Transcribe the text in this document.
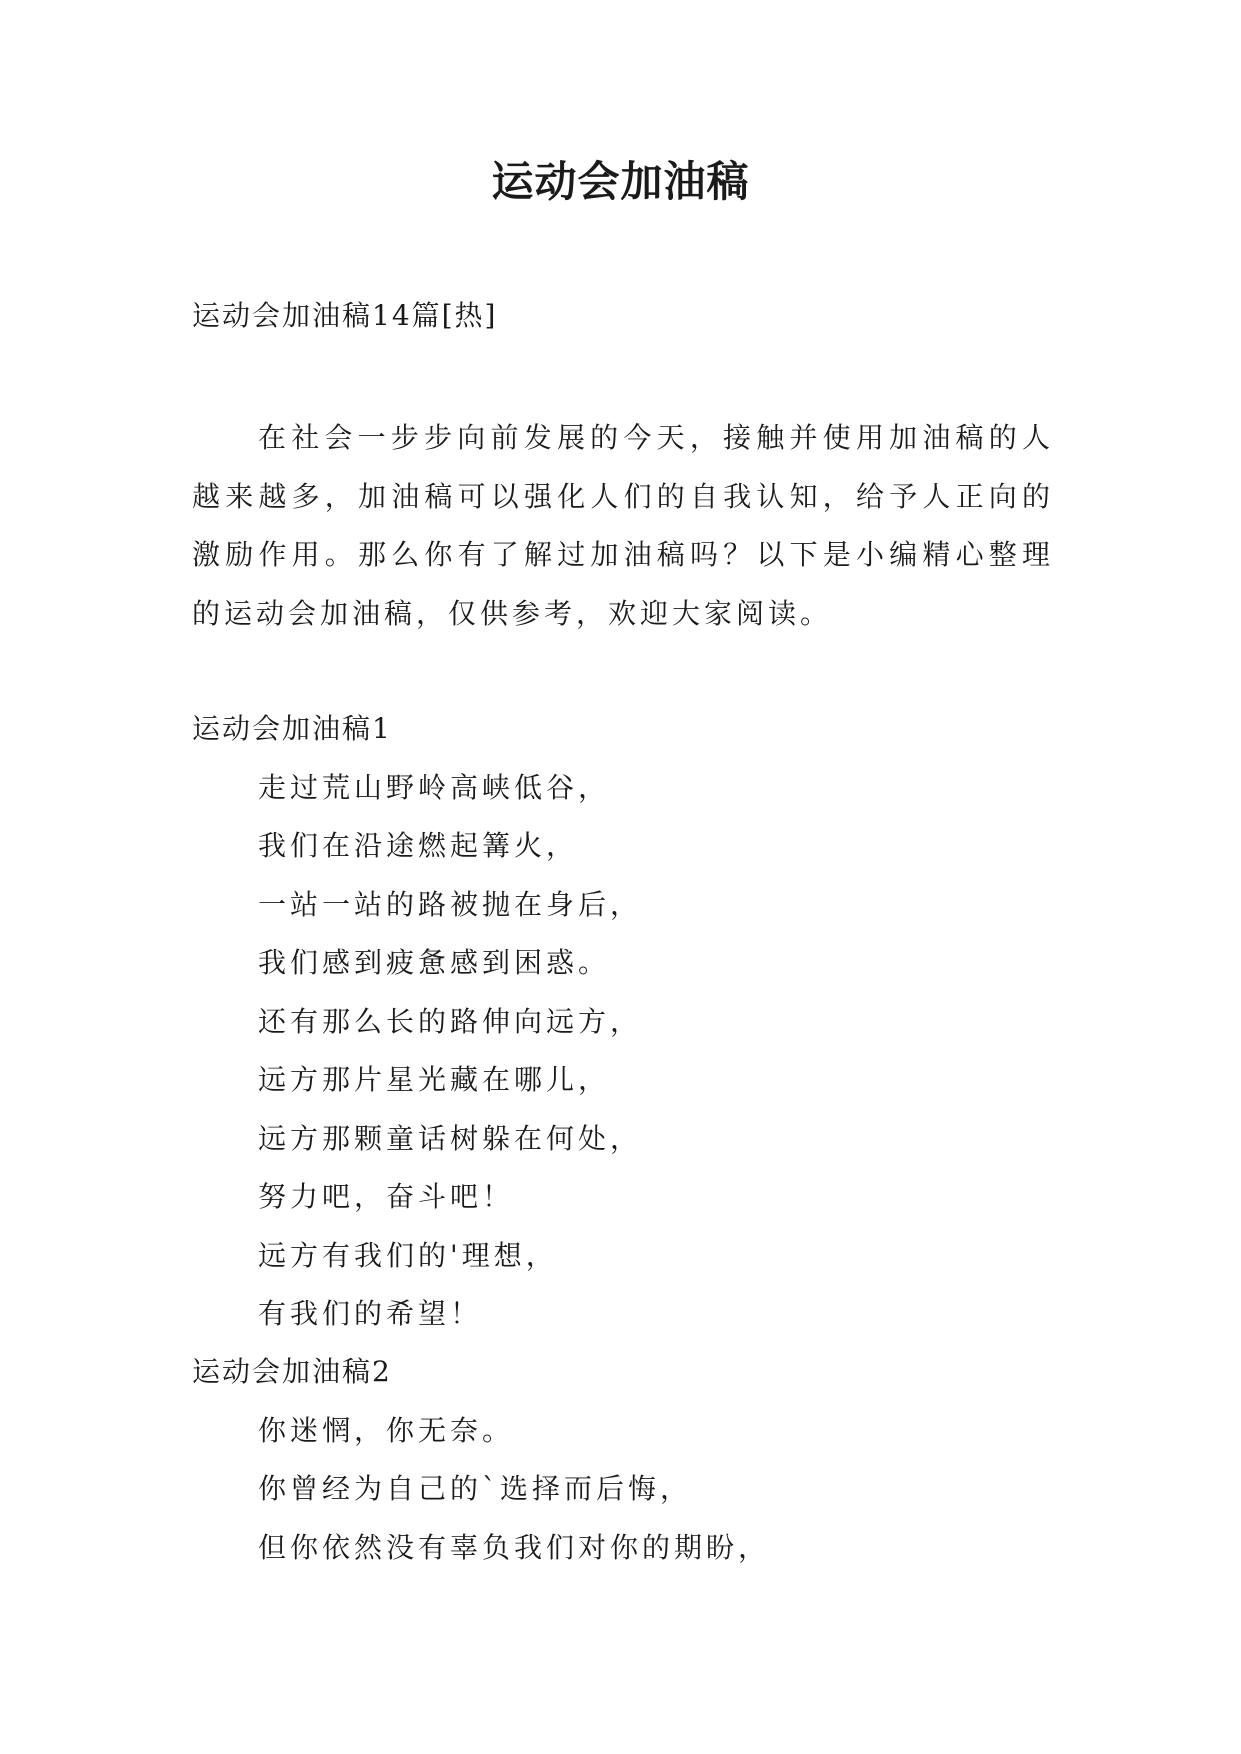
运动会加油稿

运动会加油稿14篇[热]

在社会一步步向前发展的今天，接触并使用加油稿的人越来越多，加油稿可以强化人们的自我认知，给予人正向的激励作用。那么你有了解过加油稿吗？以下是小编精心整理的运动会加油稿，仅供参考，欢迎大家阅读。

运动会加油稿1
走过荒山野岭高峡低谷，
我们在沿途燃起篝火，
一站一站的路被抛在身后，
我们感到疲惫感到困惑。
还有那么长的路伸向远方，
远方那片星光藏在哪儿，
远方那颗童话树躲在何处，
努力吧，奋斗吧！
远方有我们的'理想，
有我们的希望！
运动会加油稿2
你迷惘，你无奈。
你曾经为自己的`选择而后悔，
但你依然没有辜负我们对你的期盼，
